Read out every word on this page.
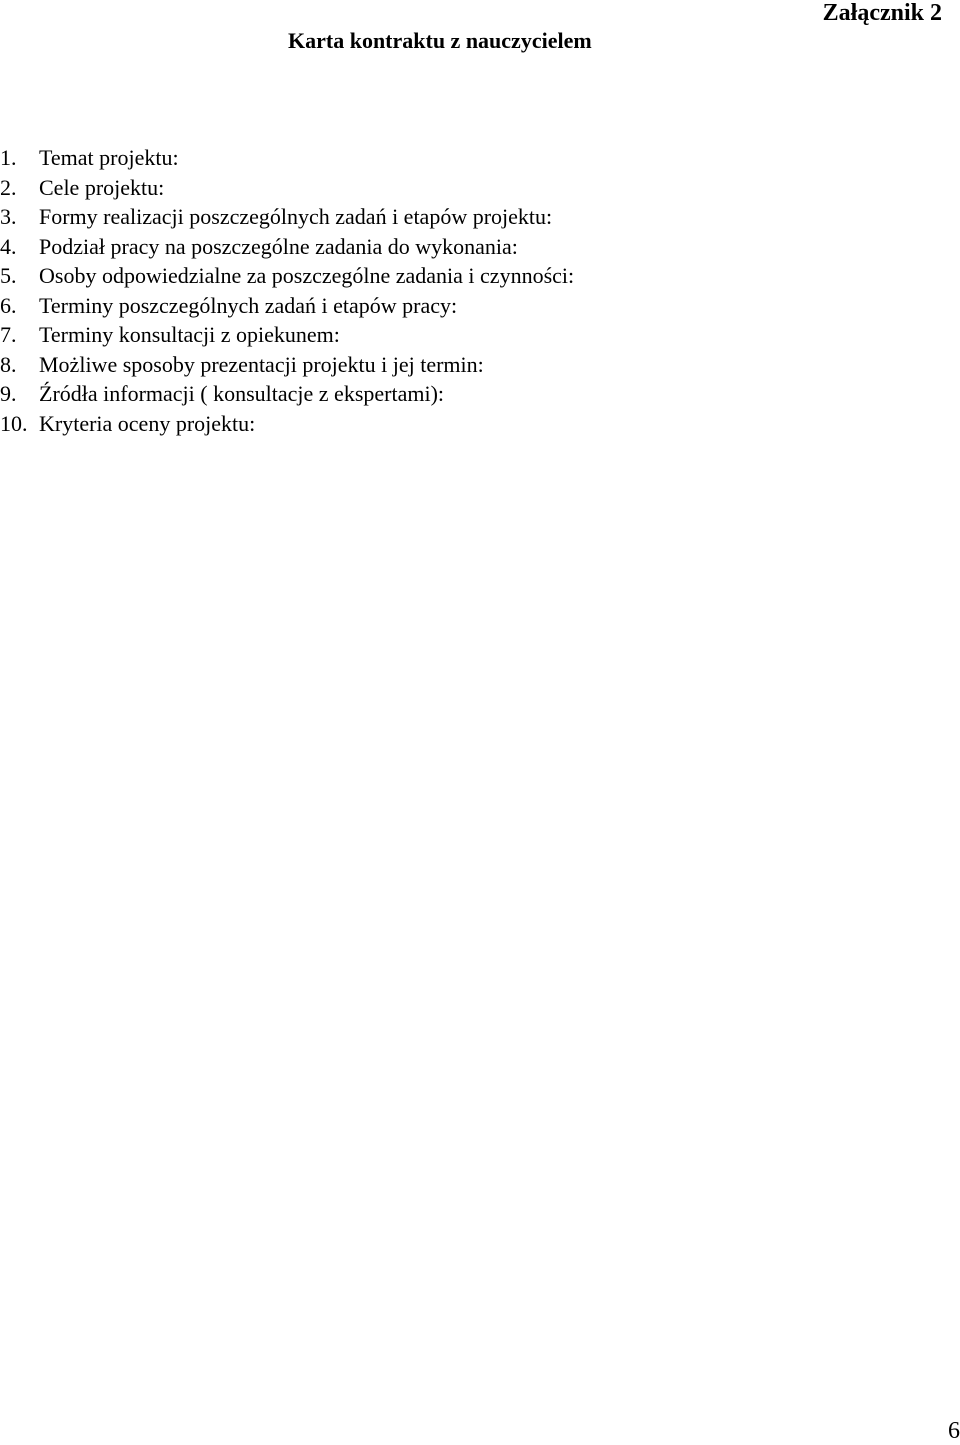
Załącznik 2
Karta kontraktu z nauczycielem
1.	Temat projektu:
2.	Cele projektu:
3.	Formy realizacji poszczególnych zadań i etapów projektu:
4.	Podział pracy na poszczególne zadania do wykonania:
5.	Osoby odpowiedzialne za poszczególne zadania i czynności:
6.	Terminy poszczególnych zadań i etapów pracy:
7.	Terminy konsultacji z opiekunem:
8.	Możliwe sposoby prezentacji projektu i jej termin:
9.	Źródła informacji ( konsultacje z ekspertami):
10. Kryteria oceny projektu:
6
